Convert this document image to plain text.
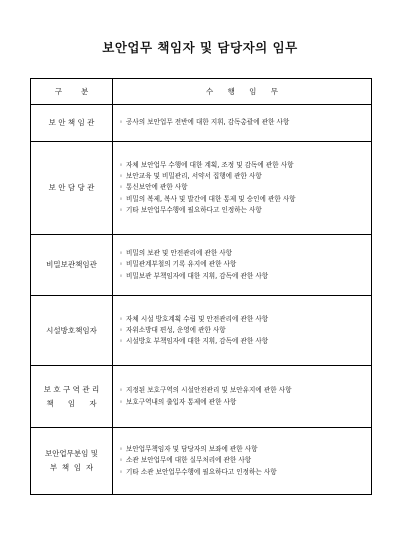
보안업무 책임자 및 담당자의 임무
구        분	수      행      임      무
보 안 책 임 관	◦ 공사의 보안업무 전반에 대한 지휘, 감독총괄에 관한 사항

보 안 담 당 관	◦ 자체 보안업무 수행에 대한 계획, 조정 및 감독에 관한 사항
◦ 보안교육 및 비밀관리, 서약서 집행에 관한 사항
◦ 통신보안에 관한 사항
◦ 비밀의 복제, 복사 및 발간에 대한 통제 및 승인에 관한 사항
◦ 기타 보안업무수행에 필요하다고 인정하는 사항

비밀보관책임관	◦ 비밀의 보관 및 안전관리에 관한 사항
◦ 비밀관계부철의 기록 유지에 관한 사항
◦ 비밀보관 부책임자에 대한 지휘, 감독에 관한 사항

시설방호책임자	◦ 자체 시설 방호계획 수립 및 안전관리에 관한 사항
◦ 자위소방대 편성, 운영에 관한 사항
◦ 시설방호 부책임자에 대한 지휘, 감독에 관한 사항

보 호 구 역 관 리
책      임      자	◦ 지정된 보호구역의 시설안전관리 및 보안유지에 관한 사항
◦ 보호구역내의 출입자 통제에 관한 사항

보안업무분임 및
부  책  임  자	◦ 보안업무책임자 및 담당자의 보좌에 관한 사항
◦ 소관 보안업무에 대한 실무처리에 관한 사항
◦ 기타 소관 보안업무수행에 필요하다고 인정하는 사항
